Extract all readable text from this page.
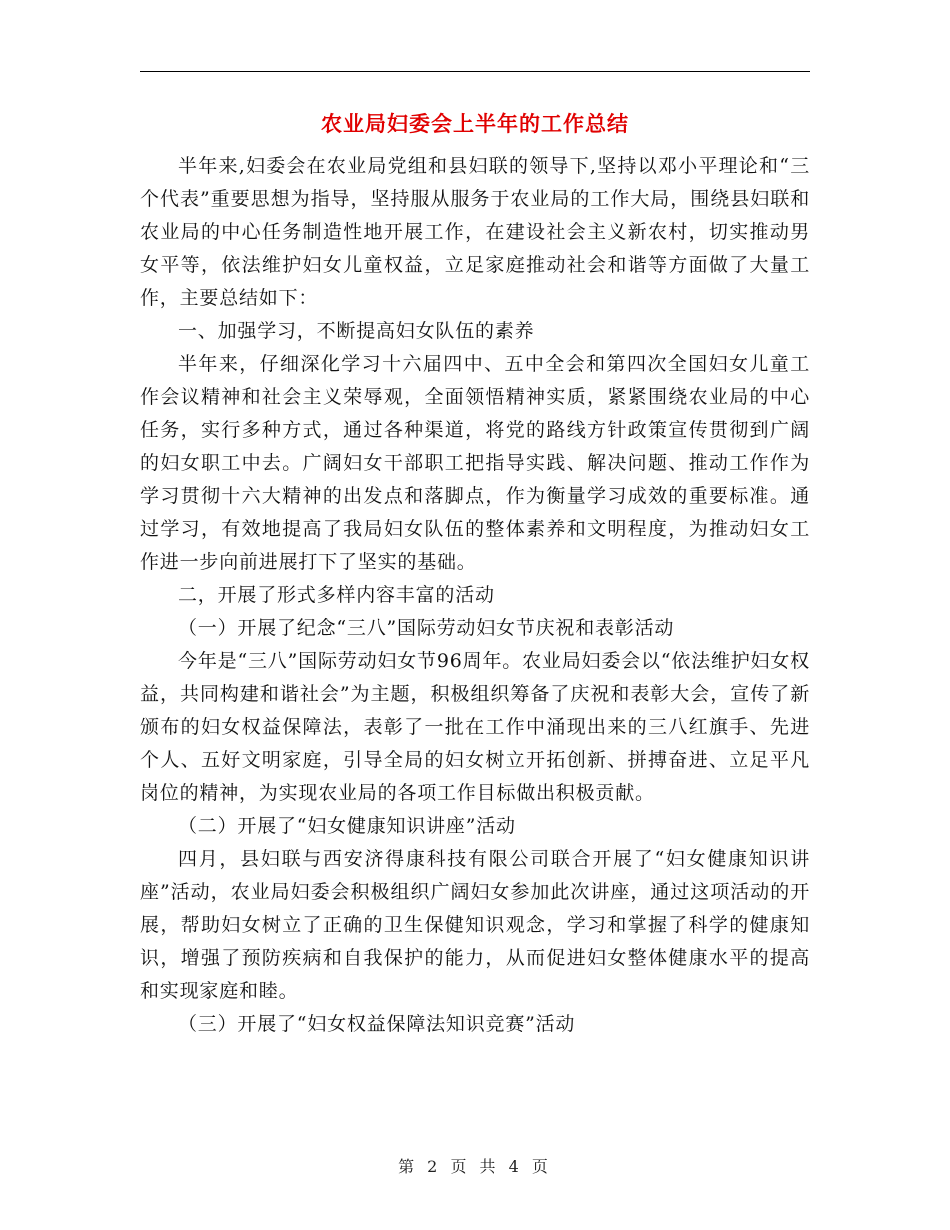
农业局妇委会上半年的工作总结

半年来,妇委会在农业局党组和县妇联的领导下,坚持以邓小平理论和“三个代表”重要思想为指导，坚持服从服务于农业局的工作大局，围绕县妇联和农业局的中心任务制造性地开展工作，在建设社会主义新农村，切实推动男女平等，依法维护妇女儿童权益，立足家庭推动社会和谐等方面做了大量工作，主要总结如下：

一、加强学习，不断提高妇女队伍的素养

半年来，仔细深化学习十六届四中、五中全会和第四次全国妇女儿童工作会议精神和社会主义荣辱观，全面领悟精神实质，紧紧围绕农业局的中心任务，实行多种方式，通过各种渠道，将党的路线方针政策宣传贯彻到广阔的妇女职工中去。广阔妇女干部职工把指导实践、解决问题、推动工作作为学习贯彻十六大精神的出发点和落脚点，作为衡量学习成效的重要标准。通过学习，有效地提高了我局妇女队伍的整体素养和文明程度，为推动妇女工作进一步向前进展打下了坚实的基础。

二，开展了形式多样内容丰富的活动

（一）开展了纪念“三八”国际劳动妇女节庆祝和表彰活动

今年是“三八”国际劳动妇女节96周年。农业局妇委会以“依法维护妇女权益，共同构建和谐社会”为主题，积极组织筹备了庆祝和表彰大会，宣传了新颁布的妇女权益保障法，表彰了一批在工作中涌现出来的三八红旗手、先进个人、五好文明家庭，引导全局的妇女树立开拓创新、拼搏奋进、立足平凡岗位的精神，为实现农业局的各项工作目标做出积极贡献。

（二）开展了“妇女健康知识讲座”活动

四月，县妇联与西安济得康科技有限公司联合开展了“妇女健康知识讲座”活动，农业局妇委会积极组织广阔妇女参加此次讲座，通过这项活动的开展，帮助妇女树立了正确的卫生保健知识观念，学习和掌握了科学的健康知识，增强了预防疾病和自我保护的能力，从而促进妇女整体健康水平的提高和实现家庭和睦。

（三）开展了“妇女权益保障法知识竞赛”活动

第 2 页 共 4 页
